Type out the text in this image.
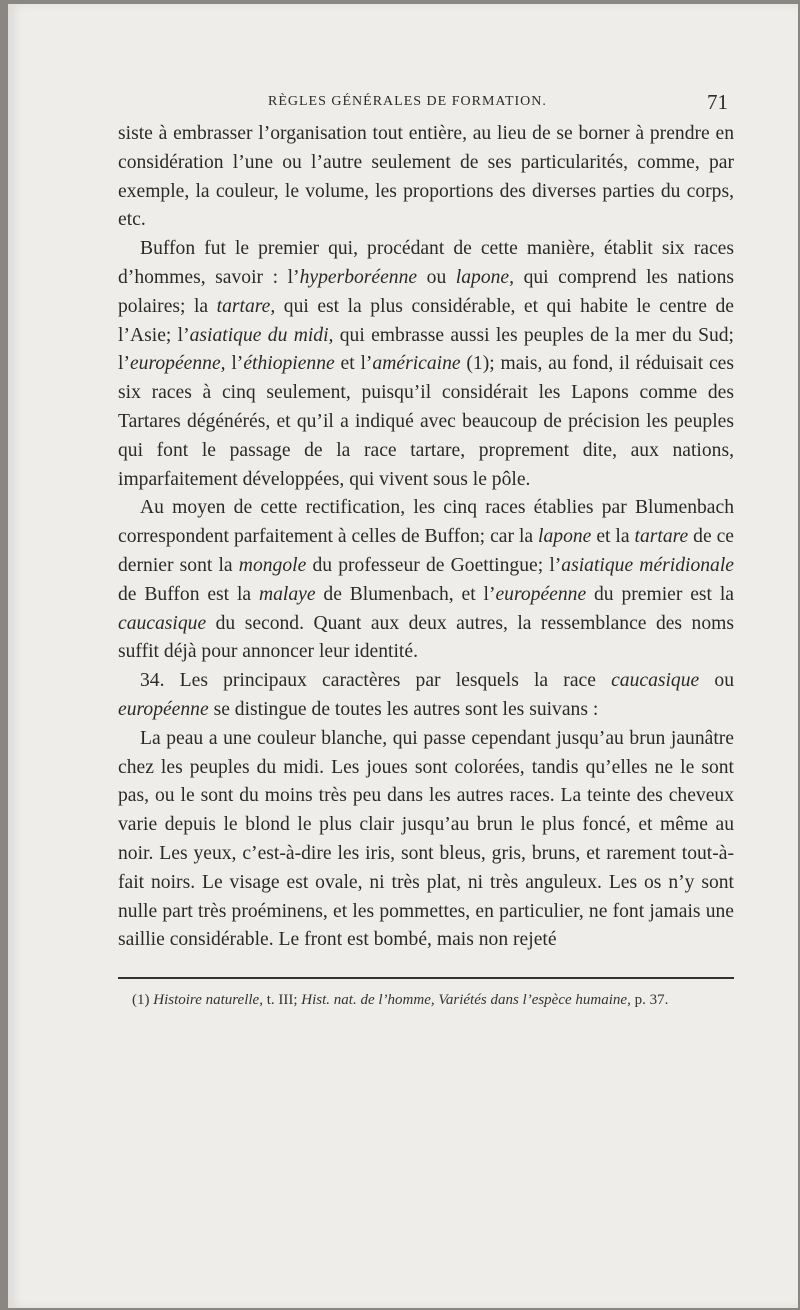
RÈGLES GÉNÉRALES DE FORMATION.	71

siste à embrasser l’organisation tout entière, au lieu de se borner à prendre en considération l’une ou l’autre seulement de ses particularités, comme, par exemple, la couleur, le volume, les proportions des diverses parties du corps, etc.

Buffon fut le premier qui, procédant de cette manière, établit six races d’hommes, savoir : l’hyperboréenne ou lapone, qui comprend les nations polaires; la tartare, qui est la plus considérable, et qui habite le centre de l’Asie; l’asiatique du midi, qui embrasse aussi les peuples de la mer du Sud; l’européenne, l’éthiopienne et l’américaine (1); mais, au fond, il réduisait ces six races à cinq seulement, puisqu’il considérait les Lapons comme des Tartares dégénérés, et qu’il a indiqué avec beaucoup de précision les peuples qui font le passage de la race tartare, proprement dite, aux nations, imparfaitement développées, qui vivent sous le pôle.

Au moyen de cette rectification, les cinq races établies par Blumenbach correspondent parfaitement à celles de Buffon; car la lapone et la tartare de ce dernier sont la mongole du professeur de Goettingue; l’asiatique méridionale de Buffon est la malaye de Blumenbach, et l’européenne du premier est la caucasique du second. Quant aux deux autres, la ressemblance des noms suffit déjà pour annoncer leur identité.

34. Les principaux caractères par lesquels la race caucasique ou européenne se distingue de toutes les autres sont les suivans :

La peau a une couleur blanche, qui passe cependant jusqu’au brun jaunâtre chez les peuples du midi. Les joues sont colorées, tandis qu’elles ne le sont pas, ou le sont du moins très peu dans les autres races. La teinte des cheveux varie depuis le blond le plus clair jusqu’au brun le plus foncé, et même au noir. Les yeux, c’est-à-dire les iris, sont bleus, gris, bruns, et rarement tout-à-fait noirs. Le visage est ovale, ni très plat, ni très anguleux. Les os n’y sont nulle part très proéminens, et les pommettes, en particulier, ne font jamais une saillie considérable. Le front est bombé, mais non rejeté

(1) Histoire naturelle, t. III; Hist. nat. de l’homme, Variétés dans l’espèce humaine, p. 37.
